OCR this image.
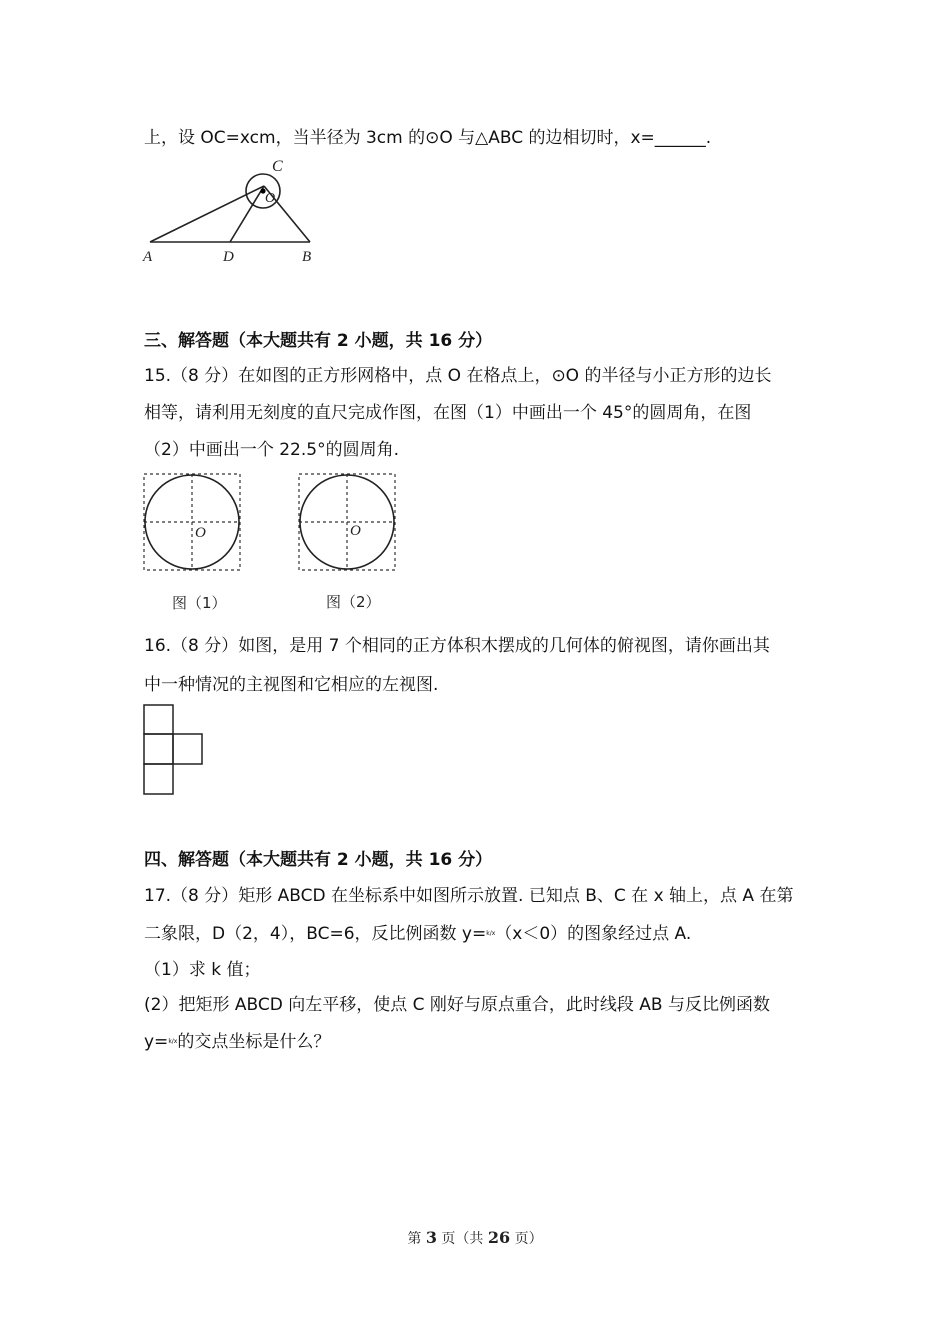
上，设 OC=xcm，当半径为 3cm 的⊙O 与△ABC 的边相切时，x=______.
C
O
A	D	B
三、解答题（本大题共有 2 小题，共 16 分）
15.（8 分）在如图的正方形网格中，点 O 在格点上，⊙O 的半径与小正方形的边长
相等，请利用无刻度的直尺完成作图，在图（1）中画出一个 45°的圆周角，在图
（2）中画出一个 22.5°的圆周角.
O
图（1）
O
图（2）
16.（8 分）如图，是用 7 个相同的正方体积木摆成的几何体的俯视图，请你画出其
中一种情况的主视图和它相应的左视图.
四、解答题（本大题共有 2 小题，共 16 分）
17.（8 分）矩形 ABCD 在坐标系中如图所示放置. 已知点 B、C 在 x 轴上，点 A 在第
二象限，D（2，4），BC=6，反比例函数 y=k/x（x＜0）的图象经过点 A.
（1）求 k 值；
(2）把矩形 ABCD 向左平移，使点 C 刚好与原点重合，此时线段 AB 与反比例函数
y=k/x的交点坐标是什么？
第 3 页（共 26 页）
